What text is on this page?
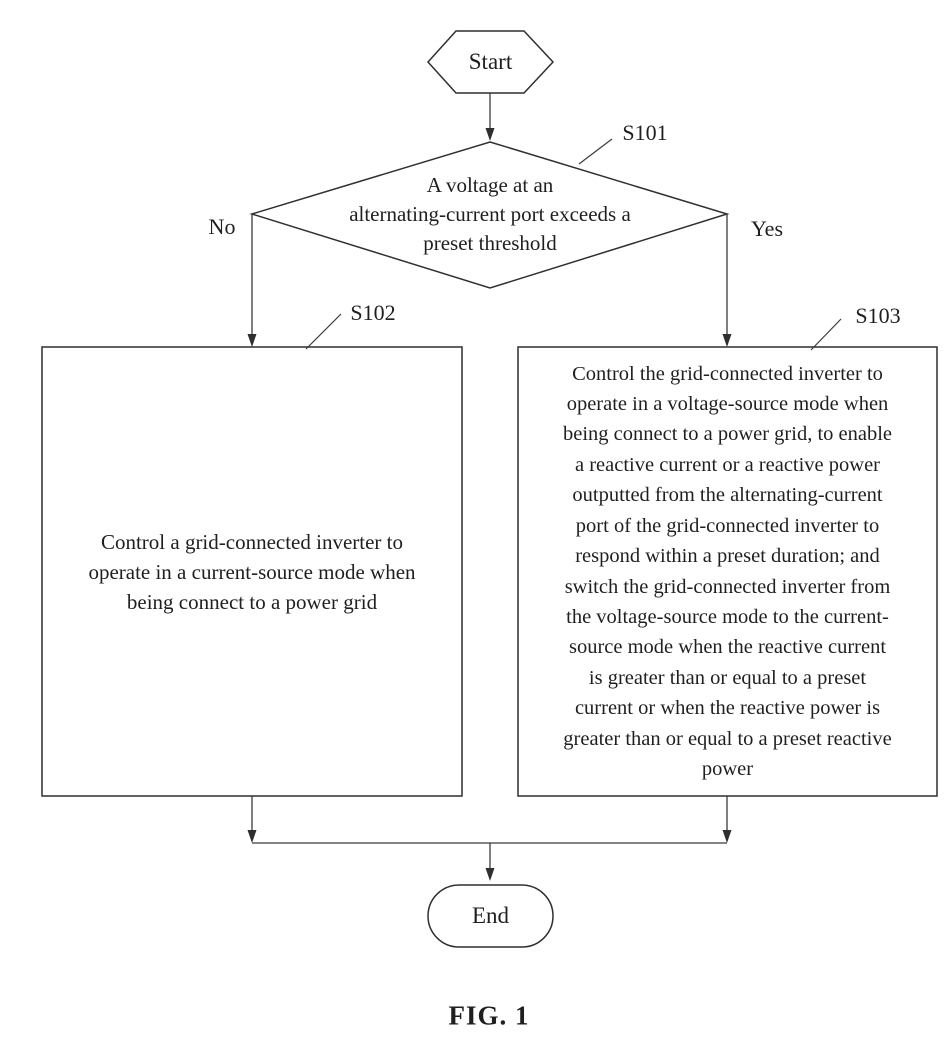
Start
S101
A voltage at an
alternating-current port exceeds a
preset threshold
No	Yes
S102	S103
Control a grid-connected inverter to
operate in a current-source mode when
being connect to a power grid
Control the grid-connected inverter to
operate in a voltage-source mode when
being connect to a power grid, to enable
a reactive current or a reactive power
outputted from the alternating-current
port of the grid-connected inverter to
respond within a preset duration; and
switch the grid-connected inverter from
the voltage-source mode to the current-
source mode when the reactive current
is greater than or equal to a preset
current or when the reactive power is
greater than or equal to a preset reactive
power
End
FIG. 1
